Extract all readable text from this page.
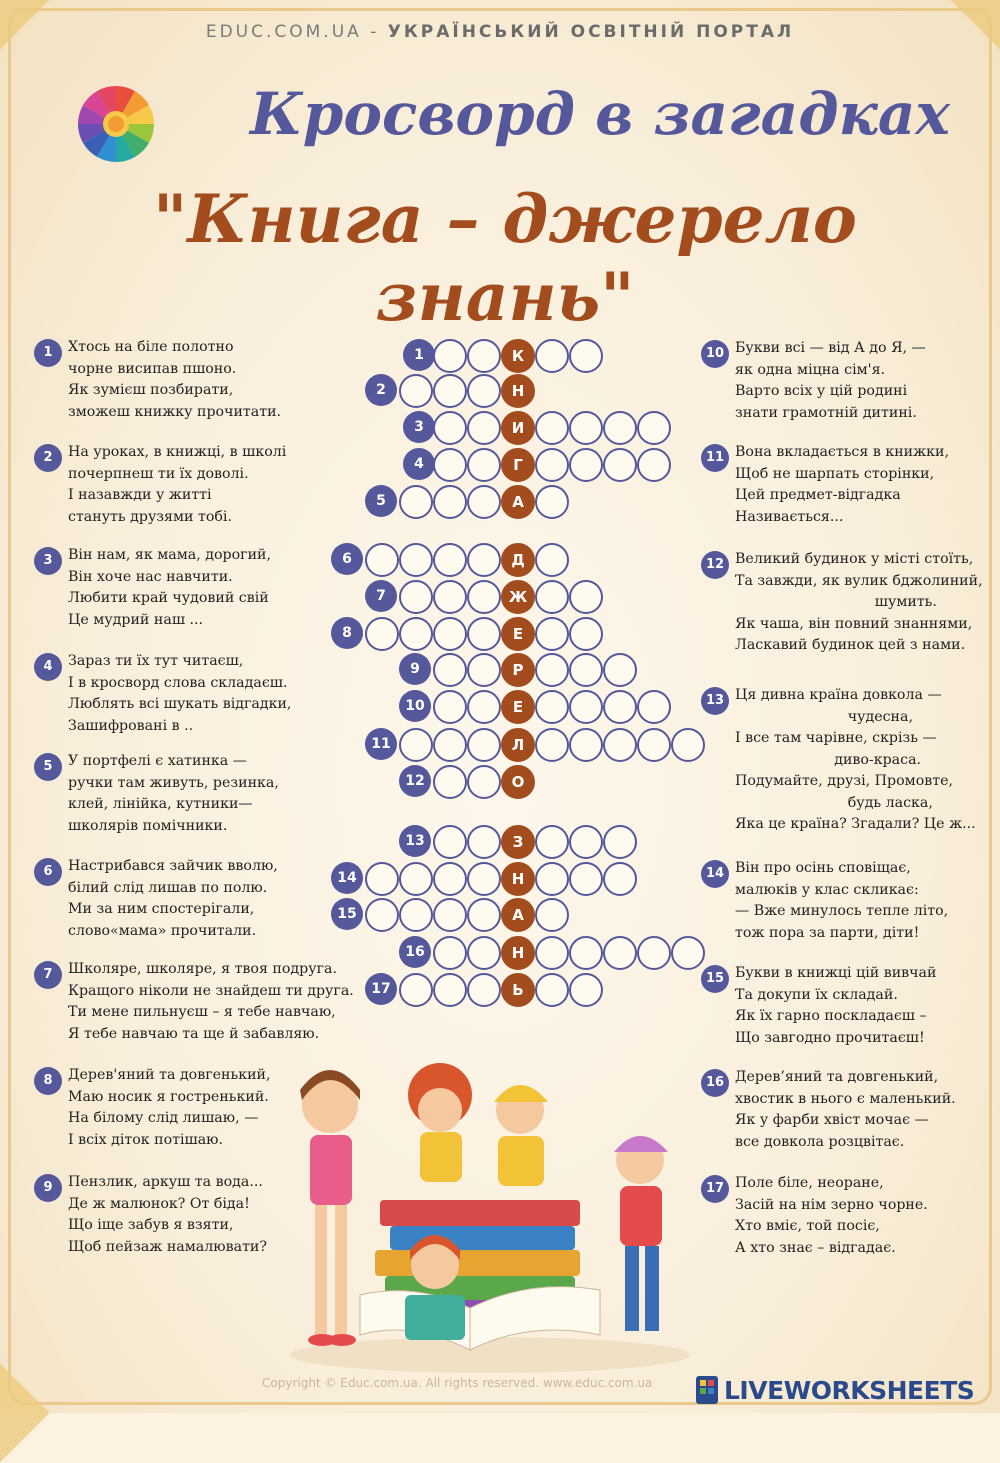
EDUC.COM.UA - УКРАЇНСЬКИЙ ОСВІТНІЙ ПОРТАЛ
Кросворд в загадках
"Книга – джерело знань"
1	Хтось на біле полотно
чорне висипав пшоно.
Як зумієш позбирати,
зможеш книжку прочитати.
2	На уроках, в книжці, в школі
почерпнеш ти їх доволі.
І назавжди у житті
стануть друзями тобі.
3	Він нам, як мама, дорогий,
Він хоче нас навчити.
Любити край чудовий свій
Це мудрий наш ...
4	Зараз ти їх тут читаєш,
І в кросворд слова складаєш.
Люблять всі шукать відгадки,
Зашифровані в ..
5	У портфелі є хатинка —
ручки там живуть, резинка,
клей, лінійка, кутники—
школярів помічники.
6	Настрибався зайчик вволю,
білий слід лишав по полю.
Ми за ним спостерігали,
слово«мама» прочитали.
7	Школяре, школяре, я твоя подруга.
Кращого ніколи не знайдеш ти друга.
Ти мене пильнуєш – я тебе навчаю,
Я тебе навчаю та ще й забавляю.
8	Дерев'яний та довгенький,
Маю носик я гостренький.
На білому слід лишаю, —
І всіх діток потішаю.
9	Пензлик, аркуш та вода...
Де ж малюнок? От біда!
Що іще забув я взяти,
Щоб пейзаж намалювати?
10 Букви всі — від А до Я, —
як одна міцна сім'я.
Варто всіх у цій родині
знати грамотній дитині.
11 Вона вкладається в книжки,
Щоб не шарпать сторінки,
Цей предмет-відгадка
Називається...
12 Великий будинок у місті стоїть,
Та завжди, як вулик бджолиний,
шумить.
Як чаша, він повний знаннями,
Ласкавий будинок цей з нами.
13 Ця дивна країна довкола —
чудесна,
І все там чарівне, скрізь —
диво-краса.
Подумайте, друзі, Промовте,
будь ласка,
Яка це країна? Згадали? Це ж...
14 Він про осінь сповіщає,
малюків у клас скликає:
— Вже минулось тепле літо,
тож пора за парти, діти!
15 Букви в книжці цій вивчай
Та докупи їх складай.
Як їх гарно поскладаєш –
Що завгодно прочитаєш!
16 Дерев’яний та довгенький,
хвостик в нього є маленький.
Як у фарби хвіст мочає —
все довкола розцвітає.
17 Поле біле, неоране,
Засій на нім зерно чорне.
Хто вміє, той посіє,
А хто знає – відгадає.
1	К
2	Н
3	И
4	Г
5	А
6	Д
7	Ж
8	Е
9	Р
10	Е
11	Л
12	О
13	З
14	Н
15	А
16	Н
17	Ь
Copyright © Educ.com.ua. All rights reserved. www.educ.com.ua	LIVEWORKSHEETS
